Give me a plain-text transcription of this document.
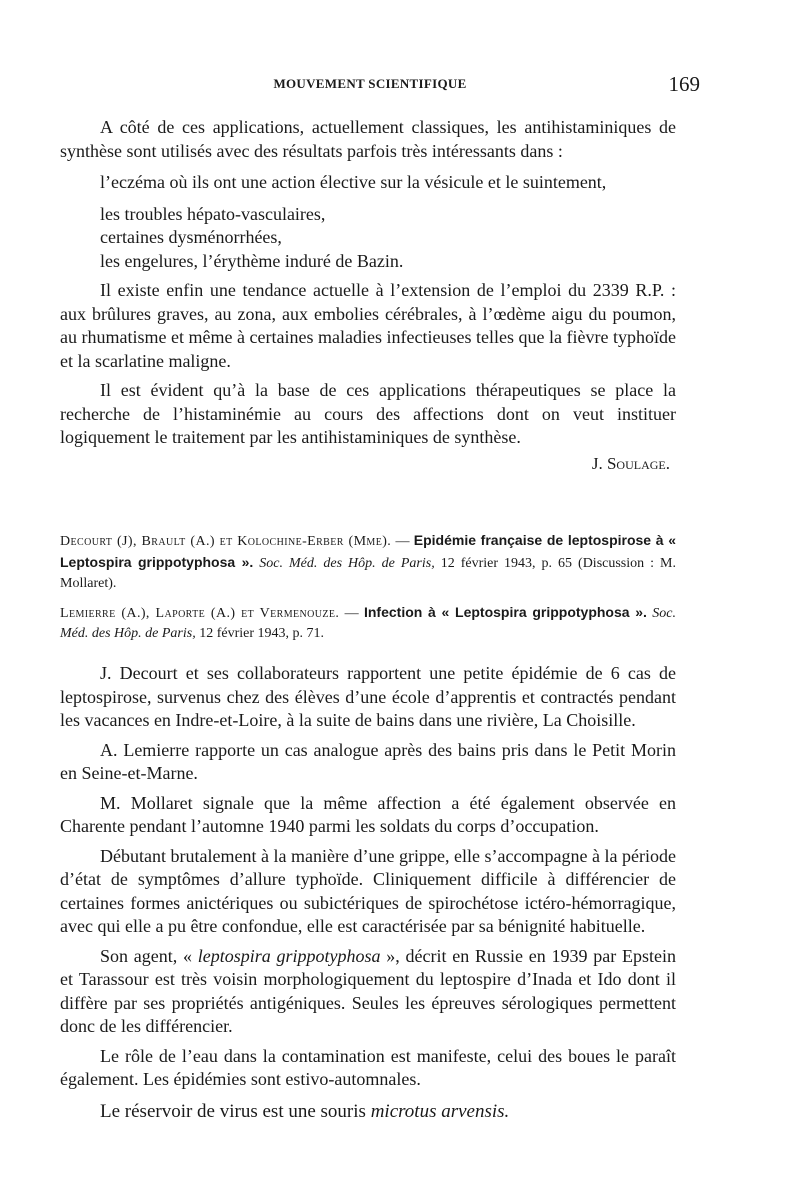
MOUVEMENT SCIENTIFIQUE	169

A côté de ces applications, actuellement classiques, les antihistaminiques de synthèse sont utilisés avec des résultats parfois très intéressants dans :

l’eczéma où ils ont une action élective sur la vésicule et le suintement,

les troubles hépato-vasculaires,

certaines dysménorrhées,

les engelures, l’érythème induré de Bazin.

Il existe enfin une tendance actuelle à l’extension de l’emploi du 2339 R.P. : aux brûlures graves, au zona, aux embolies cérébrales, à l’œdème aigu du poumon, au rhumatisme et même à certaines maladies infectieuses telles que la fièvre typhoïde et la scarlatine maligne.

Il est évident qu’à la base de ces applications thérapeutiques se place la recherche de l’histaminémie au cours des affections dont on veut instituer logiquement le traitement par les antihistaminiques de synthèse.

J. Soulage.

Decourt (J), Brault (A.) et Kolochine-Erber (Mme). — Epidémie française de leptospirose à « Leptospira grippotyphosa ». Soc. Méd. des Hôp. de Paris, 12 février 1943, p. 65 (Discussion : M. Mollaret).

Lemierre (A.), Laporte (A.) et Vermenouze. — Infection à « Leptospira grippotyphosa ». Soc. Méd. des Hôp. de Paris, 12 février 1943, p. 71.

J. Decourt et ses collaborateurs rapportent une petite épidémie de 6 cas de leptospirose, survenus chez des élèves d’une école d’apprentis et contractés pendant les vacances en Indre-et-Loire, à la suite de bains dans une rivière, La Choisille.

A. Lemierre rapporte un cas analogue après des bains pris dans le Petit Morin en Seine-et-Marne.

M. Mollaret signale que la même affection a été également observée en Charente pendant l’automne 1940 parmi les soldats du corps d’occupation.

Débutant brutalement à la manière d’une grippe, elle s’accompagne à la période d’état de symptômes d’allure typhoïde. Cliniquement difficile à différencier de certaines formes anictériques ou subictériques de spirochétose ictéro-hémorragique, avec qui elle a pu être confondue, elle est caractérisée par sa bénignité habituelle.

Son agent, « leptospira grippotyphosa », décrit en Russie en 1939 par Epstein et Tarassour est très voisin morphologiquement du leptospire d’Inada et Ido dont il diffère par ses propriétés antigéniques. Seules les épreuves sérologiques permettent donc de les différencier.

Le rôle de l’eau dans la contamination est manifeste, celui des boues le paraît également. Les épidémies sont estivo-automnales.

Le réservoir de virus est une souris microtus arvensis.
